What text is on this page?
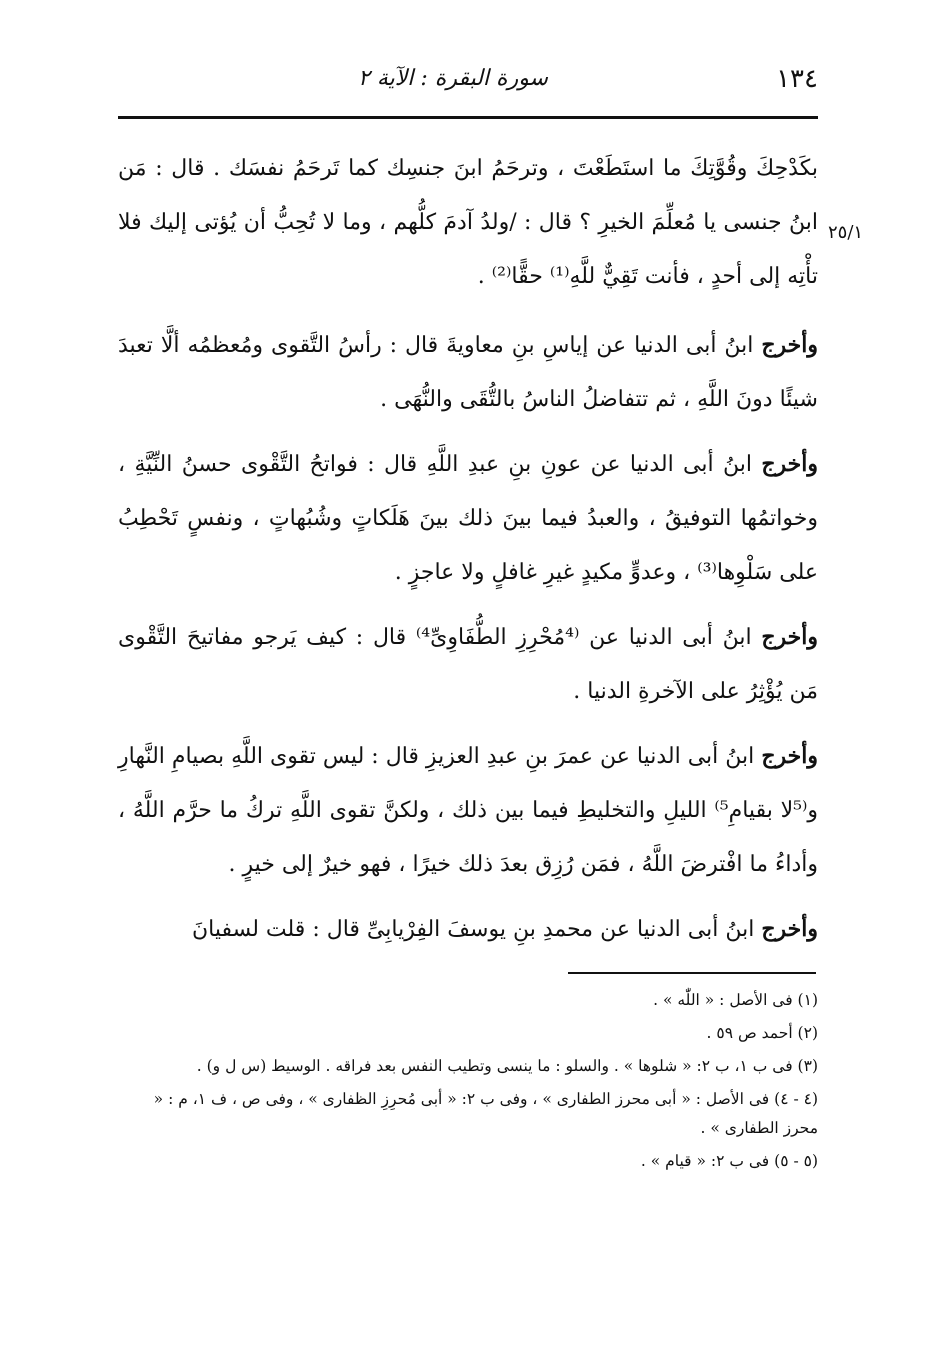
١٣٤
سورة البقرة : الآية ٢
٢٥/١

بكَدْحِكَ وقُوَّتِكَ ما استَطَعْتَ ، وترحَمُ ابنَ جنسِك كما تَرحَمُ نفسَك . قال : مَن ابنُ جنسى يا مُعلِّمَ الخيرِ ؟ قال : /ولدُ آدمَ كلُّهم ، وما لا تُحِبُّ أن يُؤتى إليك فلا تأْتِه إلى أحدٍ ، فأنت تَقِيٌّ للَّهِ⁽¹⁾ حقًّا⁽²⁾ .

وأخرج ابنُ أبى الدنيا عن إياسِ بنِ معاويةَ قال : رأسُ التَّقوى ومُعظمُه ألَّا تعبدَ شيئًا دونَ اللَّهِ ، ثم تتفاضلُ الناسُ بالتُّقَى والنُّهَى .

وأخرج ابنُ أبى الدنيا عن عونِ بنِ عبدِ اللَّهِ قال : فواتحُ التَّقْوى حسنُ النِّيَّةِ ، وخواتمُها التوفيقُ ، والعبدُ فيما بينَ ذلك بينَ هَلَكاتٍ وشُبُهاتٍ ، ونفسٍ تَحْطِبُ على سَلْوِها⁽³⁾ ، وعدوٍّ مكيدٍ غيرِ غافلٍ ولا عاجزٍ .

وأخرج ابنُ أبى الدنيا عن ⁽⁴مُحْرِزِ الطُّفَاوِىِّ⁴⁾ قال : كيف يَرجو مفاتيحَ التَّقْوى مَن يُؤْثِرُ على الآخرةِ الدنيا .

وأخرج ابنُ أبى الدنيا عن عمرَ بنِ عبدِ العزيزِ قال : ليس تقوى اللَّهِ بصيامِ النَّهارِ و⁽⁵لا بقيامِ⁵⁾ الليلِ والتخليطِ فيما بين ذلك ، ولكنَّ تقوى اللَّهِ تركُ ما حرَّم اللَّهُ ، وأداءُ ما افْترضَ اللَّهُ ، فمَن رُزِق بعدَ ذلك خيرًا ، فهو خيرٌ إلى خيرٍ .

وأخرج ابنُ أبى الدنيا عن محمدِ بنِ يوسفَ الفِرْيابِىِّ قال : قلت لسفيانَ

(١) فى الأصل : « اللّٰه » .

(٢) أحمد ص ٥٩ .

(٣) فى ب ١، ب ٢: « شلوها » . والسلو : ما ينسى وتطيب النفس بعد فراقه . الوسيط (س ل و) .

(٤ - ٤) فى الأصل : « أبى محرز الطفارى » ، وفى ب ٢: « أبى مُحرِزِ الظفارى » ، وفى ص ، ف ١، م : « محرز الطفارى » .

(٥ - ٥) فى ب ٢: « قيام » .
